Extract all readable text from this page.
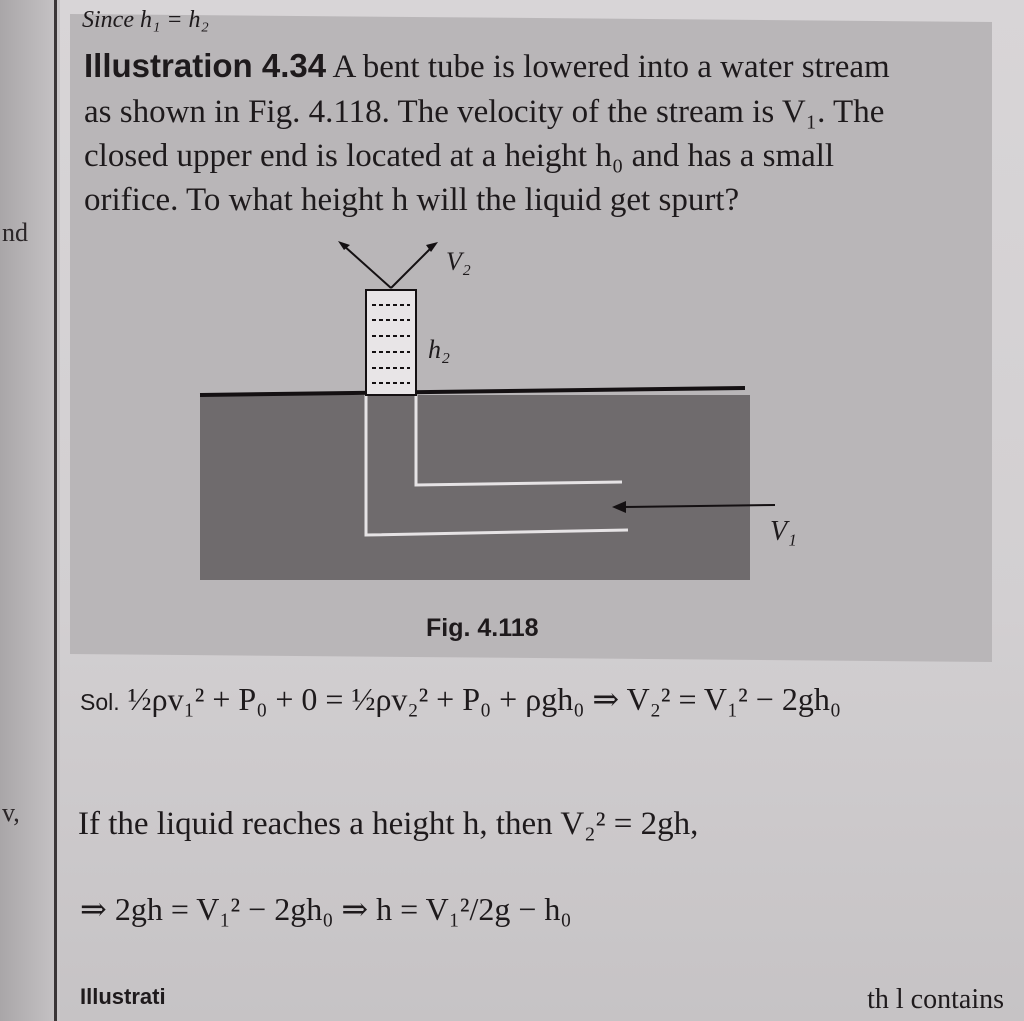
nd
v,
Since h₁ = h₂
Illustration 4.34 A bent tube is lowered into a water stream
as shown in Fig. 4.118. The velocity of the stream is V₁. The
closed upper end is located at a height h₀ and has a small
orifice. To what height h will the liquid get spurt?
V₂
h₂
V₁
Fig. 4.118
Sol. ½ρv₁² + P₀ + 0 = ½ρv₂² + P₀ + ρgh₀ ⇒ V₂² = V₁² − 2gh₀
If the liquid reaches a height h, then V₂² = 2gh,
⇒ 2gh = V₁² − 2gh₀ ⇒ h = V₁²/2g − h₀
Illustrati	th l contains
